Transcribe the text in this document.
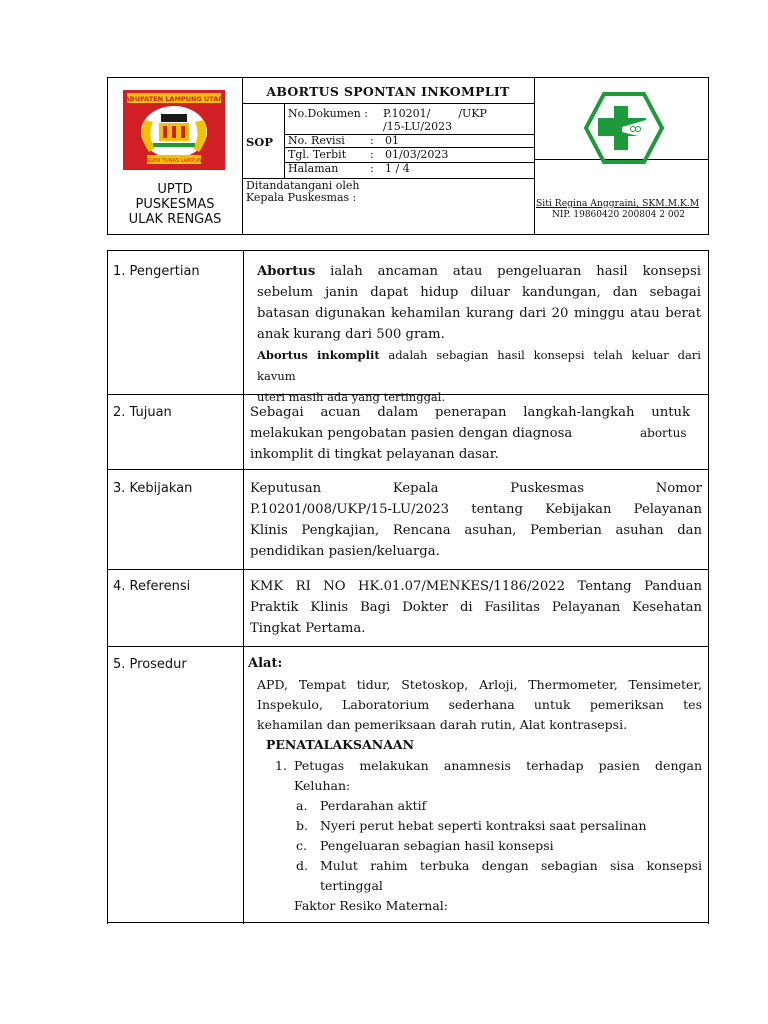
KABUPATEN LAMPUNG UTARA
RAGEM TUNAS LAMPUNG
UPTD
PUSKESMAS
ULAK RENGAS
ABORTUS SPONTAN INKOMPLIT
SOP
No.Dokumen : P.10201/        /UKP
/15-LU/2023
No. Revisi : 01
Tgl. Terbit : 01/03/2023
Halaman	: 1 / 4
Ditandatangani oleh
Kepala Puskesmas :	Siti Regina Anggraini, SKM.M.K.M
NIP. 19860420 200804 2 002
1. Pengertian	Abortus ialah ancaman atau pengeluaran hasil konsepsi
sebelum janin dapat hidup diluar kandungan, dan sebagai
batasan digunakan kehamilan kurang dari 20 minggu atau berat
anak kurang dari 500 gram.
Abortus inkomplit adalah sebagian hasil konsepsi telah keluar dari kavum
uteri masih ada yang tertinggal.
2. Tujuan	Sebagai acuan dalam penerapan langkah-langkah untuk
melakukan pengobatan pasien dengan diagnosa	abortus
inkomplit di tingkat pelayanan dasar.
3. Kebijakan	Keputusan Kepala Puskesmas Nomor
P.10201/008/UKP/15-LU/2023 tentang Kebijakan Pelayanan
Klinis Pengkajian, Rencana asuhan, Pemberian asuhan dan
pendidikan pasien/keluarga.
4. Referensi	KMK RI NO HK.01.07/MENKES/1186/2022 Tentang Panduan
Praktik Klinis Bagi Dokter di Fasilitas Pelayanan Kesehatan
Tingkat Pertama.
5. Prosedur	Alat:
APD, Tempat tidur, Stetoskop, Arloji, Thermometer, Tensimeter,
Inspekulo, Laboratorium sederhana untuk pemeriksan tes
kehamilan dan pemeriksaan darah rutin, Alat kontrasepsi.
PENATALAKSANAAN
1. Petugas melakukan anamnesis terhadap pasien dengan
Keluhan:
a. Perdarahan aktif
b. Nyeri perut hebat seperti kontraksi saat persalinan
c. Pengeluaran sebagian hasil konsepsi
d. Mulut rahim terbuka dengan sebagian sisa konsepsi
tertinggal
Faktor Resiko Maternal:
